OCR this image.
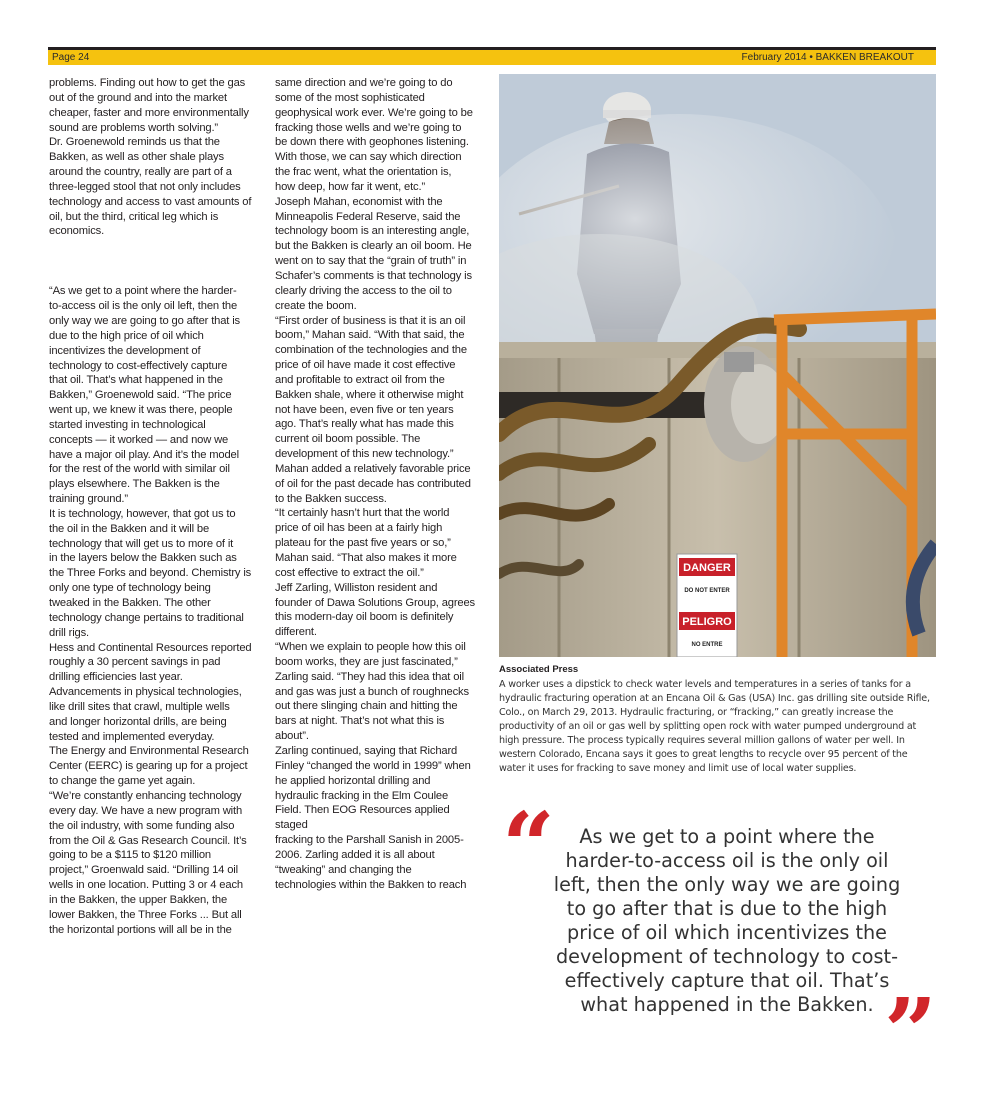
Page 24	February 2014 • BAKKEN BREAKOUT

problems. Finding out how to get the gas
out of the ground and into the market
cheaper, faster and more environmentally
sound are problems worth solving.”
Dr. Groenewold reminds us that the
Bakken, as well as other shale plays
around the country, really are part of a
three-legged stool that not only includes
technology and access to vast amounts of
oil, but the third, critical leg which is
economics.

“As we get to a point where the harder-
to-access oil is the only oil left, then the
only way we are going to go after that is
due to the high price of oil which
incentivizes the development of
technology to cost-effectively capture
that oil. That’s what happened in the
Bakken,” Groenewold said. “The price
went up, we knew it was there, people
started investing in technological
concepts — it worked — and now we
have a major oil play. And it’s the model
for the rest of the world with similar oil
plays elsewhere. The Bakken is the
training ground.”
It is technology, however, that got us to
the oil in the Bakken and it will be
technology that will get us to more of it
in the layers below the Bakken such as
the Three Forks and beyond. Chemistry is
only one type of technology being
tweaked in the Bakken. The other
technology change pertains to traditional
drill rigs.
Hess and Continental Resources reported
roughly a 30 percent savings in pad
drilling efficiencies last year.
Advancements in physical technologies,
like drill sites that crawl, multiple wells
and longer horizontal drills, are being
tested and implemented everyday.
The Energy and Environmental Research
Center (EERC) is gearing up for a project
to change the game yet again.
“We’re constantly enhancing technology
every day. We have a new program with
the oil industry, with some funding also
from the Oil & Gas Research Council. It’s
going to be a $115 to $120 million
project,” Groenwald said. “Drilling 14 oil
wells in one location. Putting 3 or 4 each
in the Bakken, the upper Bakken, the
lower Bakken, the Three Forks ... But all
the horizontal portions will all be in the

same direction and we’re going to do
some of the most sophisticated
geophysical work ever. We’re going to be
fracking those wells and we’re going to
be down there with geophones listening.
With those, we can say which direction
the frac went, what the orientation is,
how deep, how far it went, etc.”
Joseph Mahan, economist with the
Minneapolis Federal Reserve, said the
technology boom is an interesting angle,
but the Bakken is clearly an oil boom. He
went on to say that the “grain of truth” in
Schafer’s comments is that technology is
clearly driving the access to the oil to
create the boom.
“First order of business is that it is an oil
boom,” Mahan said. “With that said, the
combination of the technologies and the
price of oil have made it cost effective
and profitable to extract oil from the
Bakken shale, where it otherwise might
not have been, even five or ten years
ago. That’s really what has made this
current oil boom possible. The
development of this new technology.”
Mahan added a relatively favorable price
of oil for the past decade has contributed
to the Bakken success.
“It certainly hasn’t hurt that the world
price of oil has been at a fairly high
plateau for the past five years or so,”
Mahan said. “That also makes it more
cost effective to extract the oil.”
Jeff Zarling, Williston resident and
founder of Dawa Solutions Group, agrees
this modern-day oil boom is definitely
different.
“When we explain to people how this oil
boom works, they are just fascinated,”
Zarling said. “They had this idea that oil
and gas was just a bunch of roughnecks
out there slinging chain and hitting the
bars at night. That’s not what this is
about”.
Zarling continued, saying that Richard
Finley “changed the world in 1999” when
he applied horizontal drilling and
hydraulic fracking in the Elm Coulee
Field. Then EOG Resources applied staged
fracking to the Parshall Sanish in 2005-
2006. Zarling added it is all about
“tweaking” and changing the
technologies within the Bakken to reach

DANGER
DO NOT ENTER
PELIGRO
NO ENTRE
Associated Press
A worker uses a dipstick to check water levels and temperatures in a series of tanks for a hydraulic fracturing operation at an Encana Oil & Gas (USA) Inc. gas drilling site outside Rifle, Colo., on March 29, 2013. Hydraulic fracturing, or “fracking,” can greatly increase the productivity of an oil or gas well by splitting open rock with water pumped underground at high pressure. The process typically requires several million gallons of water per well. In western Colorado, Encana says it goes to great lengths to recycle over 95 percent of the water it uses for fracking to save money and limit use of local water supplies.
“	As we get to a point where the
harder-to-access oil is the only oil
left, then the only way we are going
to go after that is due to the high
price of oil which incentivizes the
development of technology to cost-
effectively capture that oil. That’s
what happened in the Bakken. ”
